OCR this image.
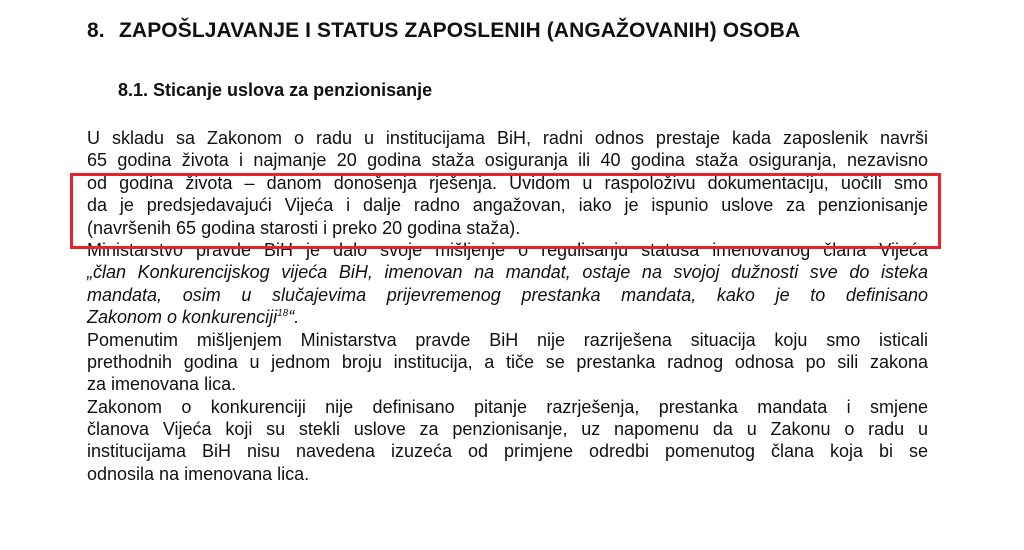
8. ZAPOŠLJAVANJE I STATUS ZAPOSLENIH (ANGAŽOVANIH) OSOBA
8.1. Sticanje uslova za penzionisanje
U skladu sa Zakonom o radu u institucijama BiH, radni odnos prestaje kada zaposlenik navrši
65 godina života i najmanje 20 godina staža osiguranja ili 40 godina staža osiguranja, nezavisno
od godina života – danom donošenja rješenja. Uvidom u raspoloživu dokumentaciju, uočili smo
da je predsjedavajući Vijeća i dalje radno angažovan, iako je ispunio uslove za penzionisanje
(navršenih 65 godina starosti i preko 20 godina staža).
Ministarstvo pravde BiH je dalo svoje mišljenje o regulisanju statusa imenovanog člana Vijeća
„član Konkurencijskog vijeća BiH, imenovan na mandat, ostaje na svojoj dužnosti sve do isteka
mandata, osim u slučajevima prijevremenog prestanka mandata, kako je to definisano
Zakonom o konkurenciji$^{18}$“.
Pomenutim mišljenjem Ministarstva pravde BiH nije razriješena situacija koju smo isticali
prethodnih godina u jednom broju institucija, a tiče se prestanka radnog odnosa po sili zakona
za imenovana lica.
Zakonom o konkurenciji nije definisano pitanje razrješenja, prestanka mandata i smjene
članova Vijeća koji su stekli uslove za penzionisanje, uz napomenu da u Zakonu o radu u
institucijama BiH nisu navedena izuzeća od primjene odredbi pomenutog člana koja bi se
odnosila na imenovana lica.
